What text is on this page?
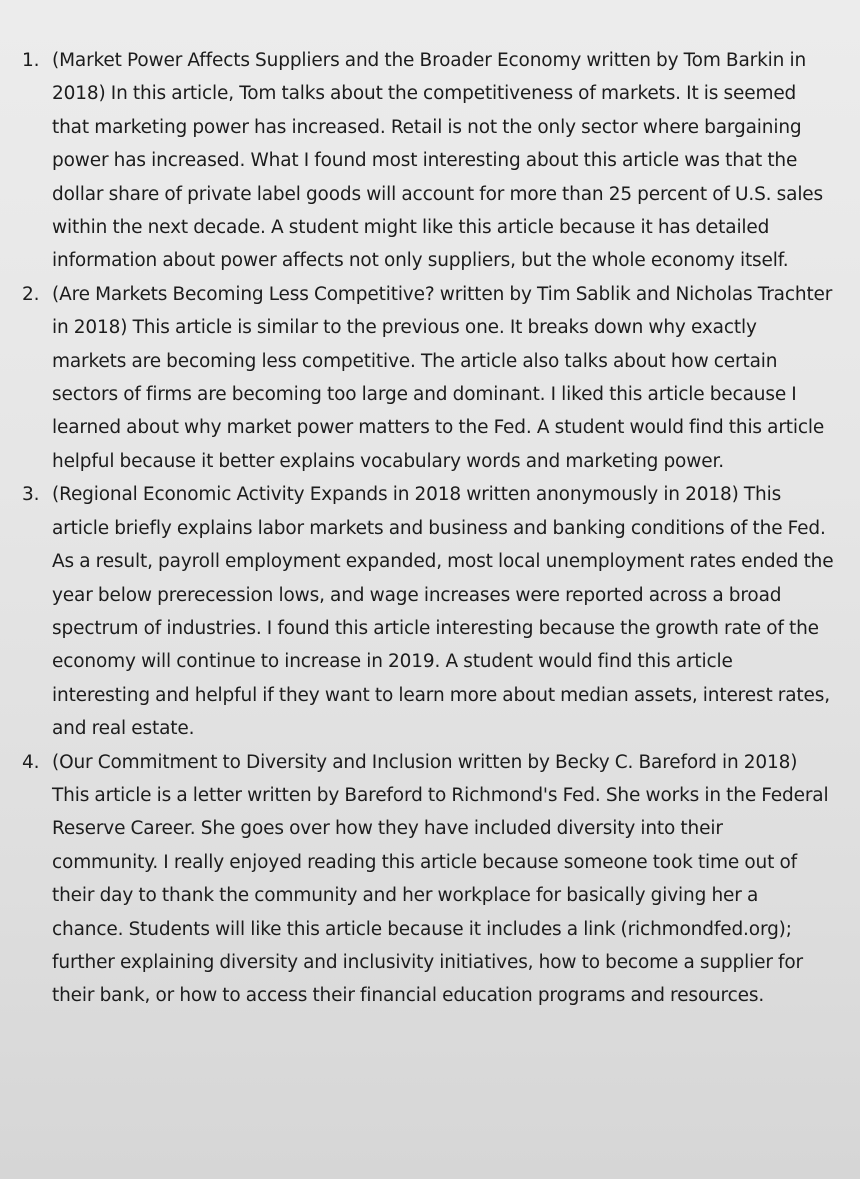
1. (Market Power Affects Suppliers and the Broader Economy written by Tom Barkin in 2018) In this article, Tom talks about the competitiveness of markets. It is seemed that marketing power has increased. Retail is not the only sector where bargaining power has increased. What I found most interesting about this article was that the dollar share of private label goods will account for more than 25 percent of U.S. sales within the next decade. A student might like this article because it has detailed information about power affects not only suppliers, but the whole economy itself.
2. (Are Markets Becoming Less Competitive? written by Tim Sablik and Nicholas Trachter in 2018) This article is similar to the previous one. It breaks down why exactly markets are becoming less competitive. The article also talks about how certain sectors of firms are becoming too large and dominant. I liked this article because I learned about why market power matters to the Fed. A student would find this article helpful because it better explains vocabulary words and marketing power.
3. (Regional Economic Activity Expands in 2018 written anonymously in 2018) This article briefly explains labor markets and business and banking conditions of the Fed. As a result, payroll employment expanded, most local unemployment rates ended the year below prerecession lows, and wage increases were reported across a broad spectrum of industries. I found this article interesting because the growth rate of the economy will continue to increase in 2019. A student would find this article interesting and helpful if they want to learn more about median assets, interest rates, and real estate.
4. (Our Commitment to Diversity and Inclusion written by Becky C. Bareford in 2018) This article is a letter written by Bareford to Richmond's Fed. She works in the Federal Reserve Career. She goes over how they have included diversity into their community. I really enjoyed reading this article because someone took time out of their day to thank the community and her workplace for basically giving her a chance. Students will like this article because it includes a link (richmondfed.org); further explaining diversity and inclusivity initiatives, how to become a supplier for their bank, or how to access their financial education programs and resources.
